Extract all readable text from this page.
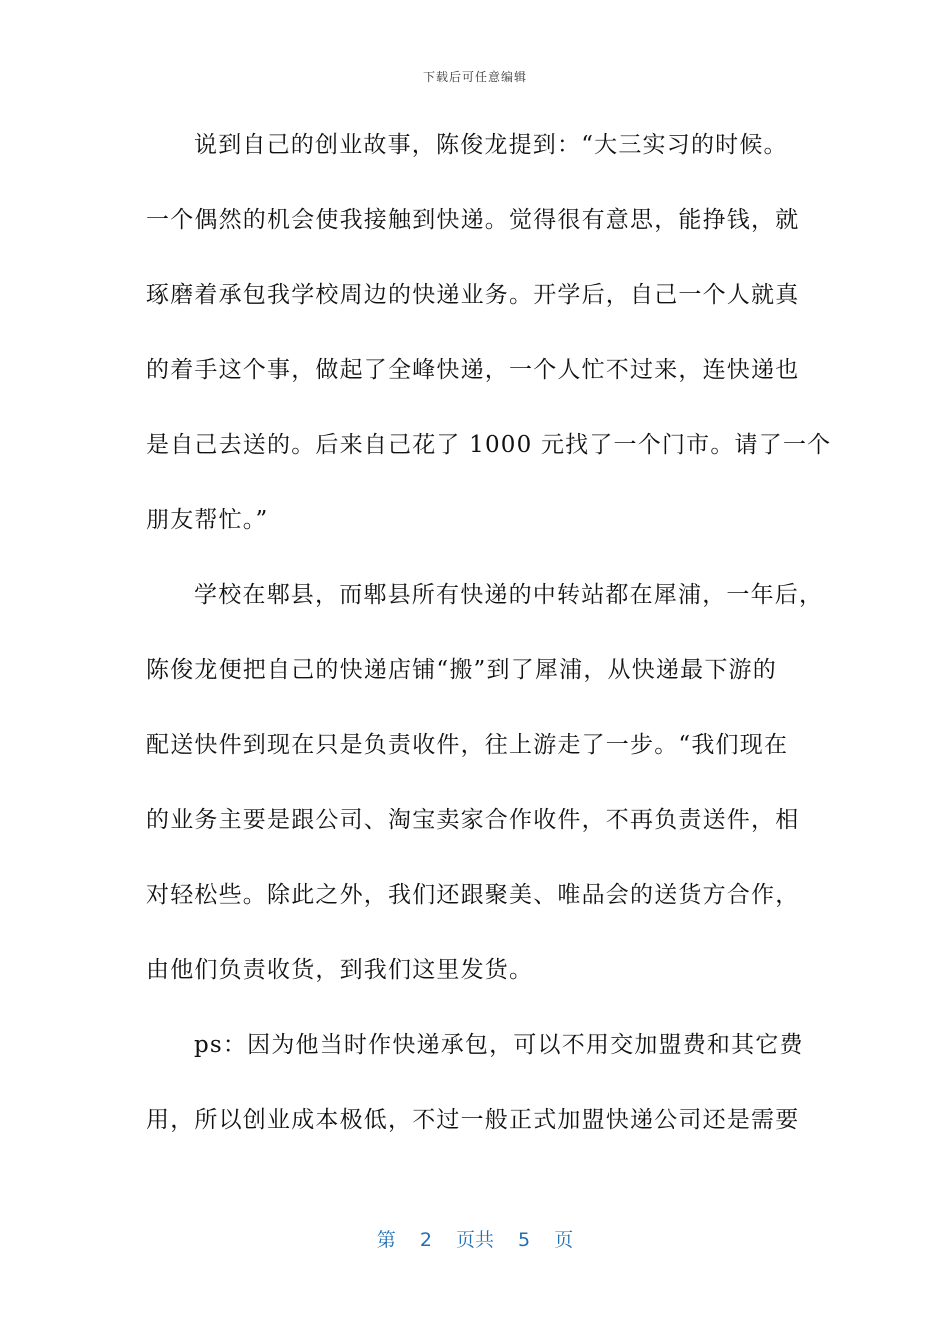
下载后可任意编辑
说到自己的创业故事，陈俊龙提到：“大三实习的时候。
一个偶然的机会使我接触到快递。觉得很有意思，能挣钱，就
琢磨着承包我学校周边的快递业务。开学后，自己一个人就真
的着手这个事，做起了全峰快递，一个人忙不过来，连快递也
是自己去送的。后来自己花了 1000 元找了一个门市。请了一个
朋友帮忙。”
学校在郫县，而郫县所有快递的中转站都在犀浦，一年后，
陈俊龙便把自己的快递店铺“搬”到了犀浦，从快递最下游的
配送快件到现在只是负责收件，往上游走了一步。“我们现在
的业务主要是跟公司、淘宝卖家合作收件，不再负责送件，相
对轻松些。除此之外，我们还跟聚美、唯品会的送货方合作，
由他们负责收货，到我们这里发货。
ps：因为他当时作快递承包，可以不用交加盟费和其它费
用，所以创业成本极低，不过一般正式加盟快递公司还是需要
第 2 页共 5 页
